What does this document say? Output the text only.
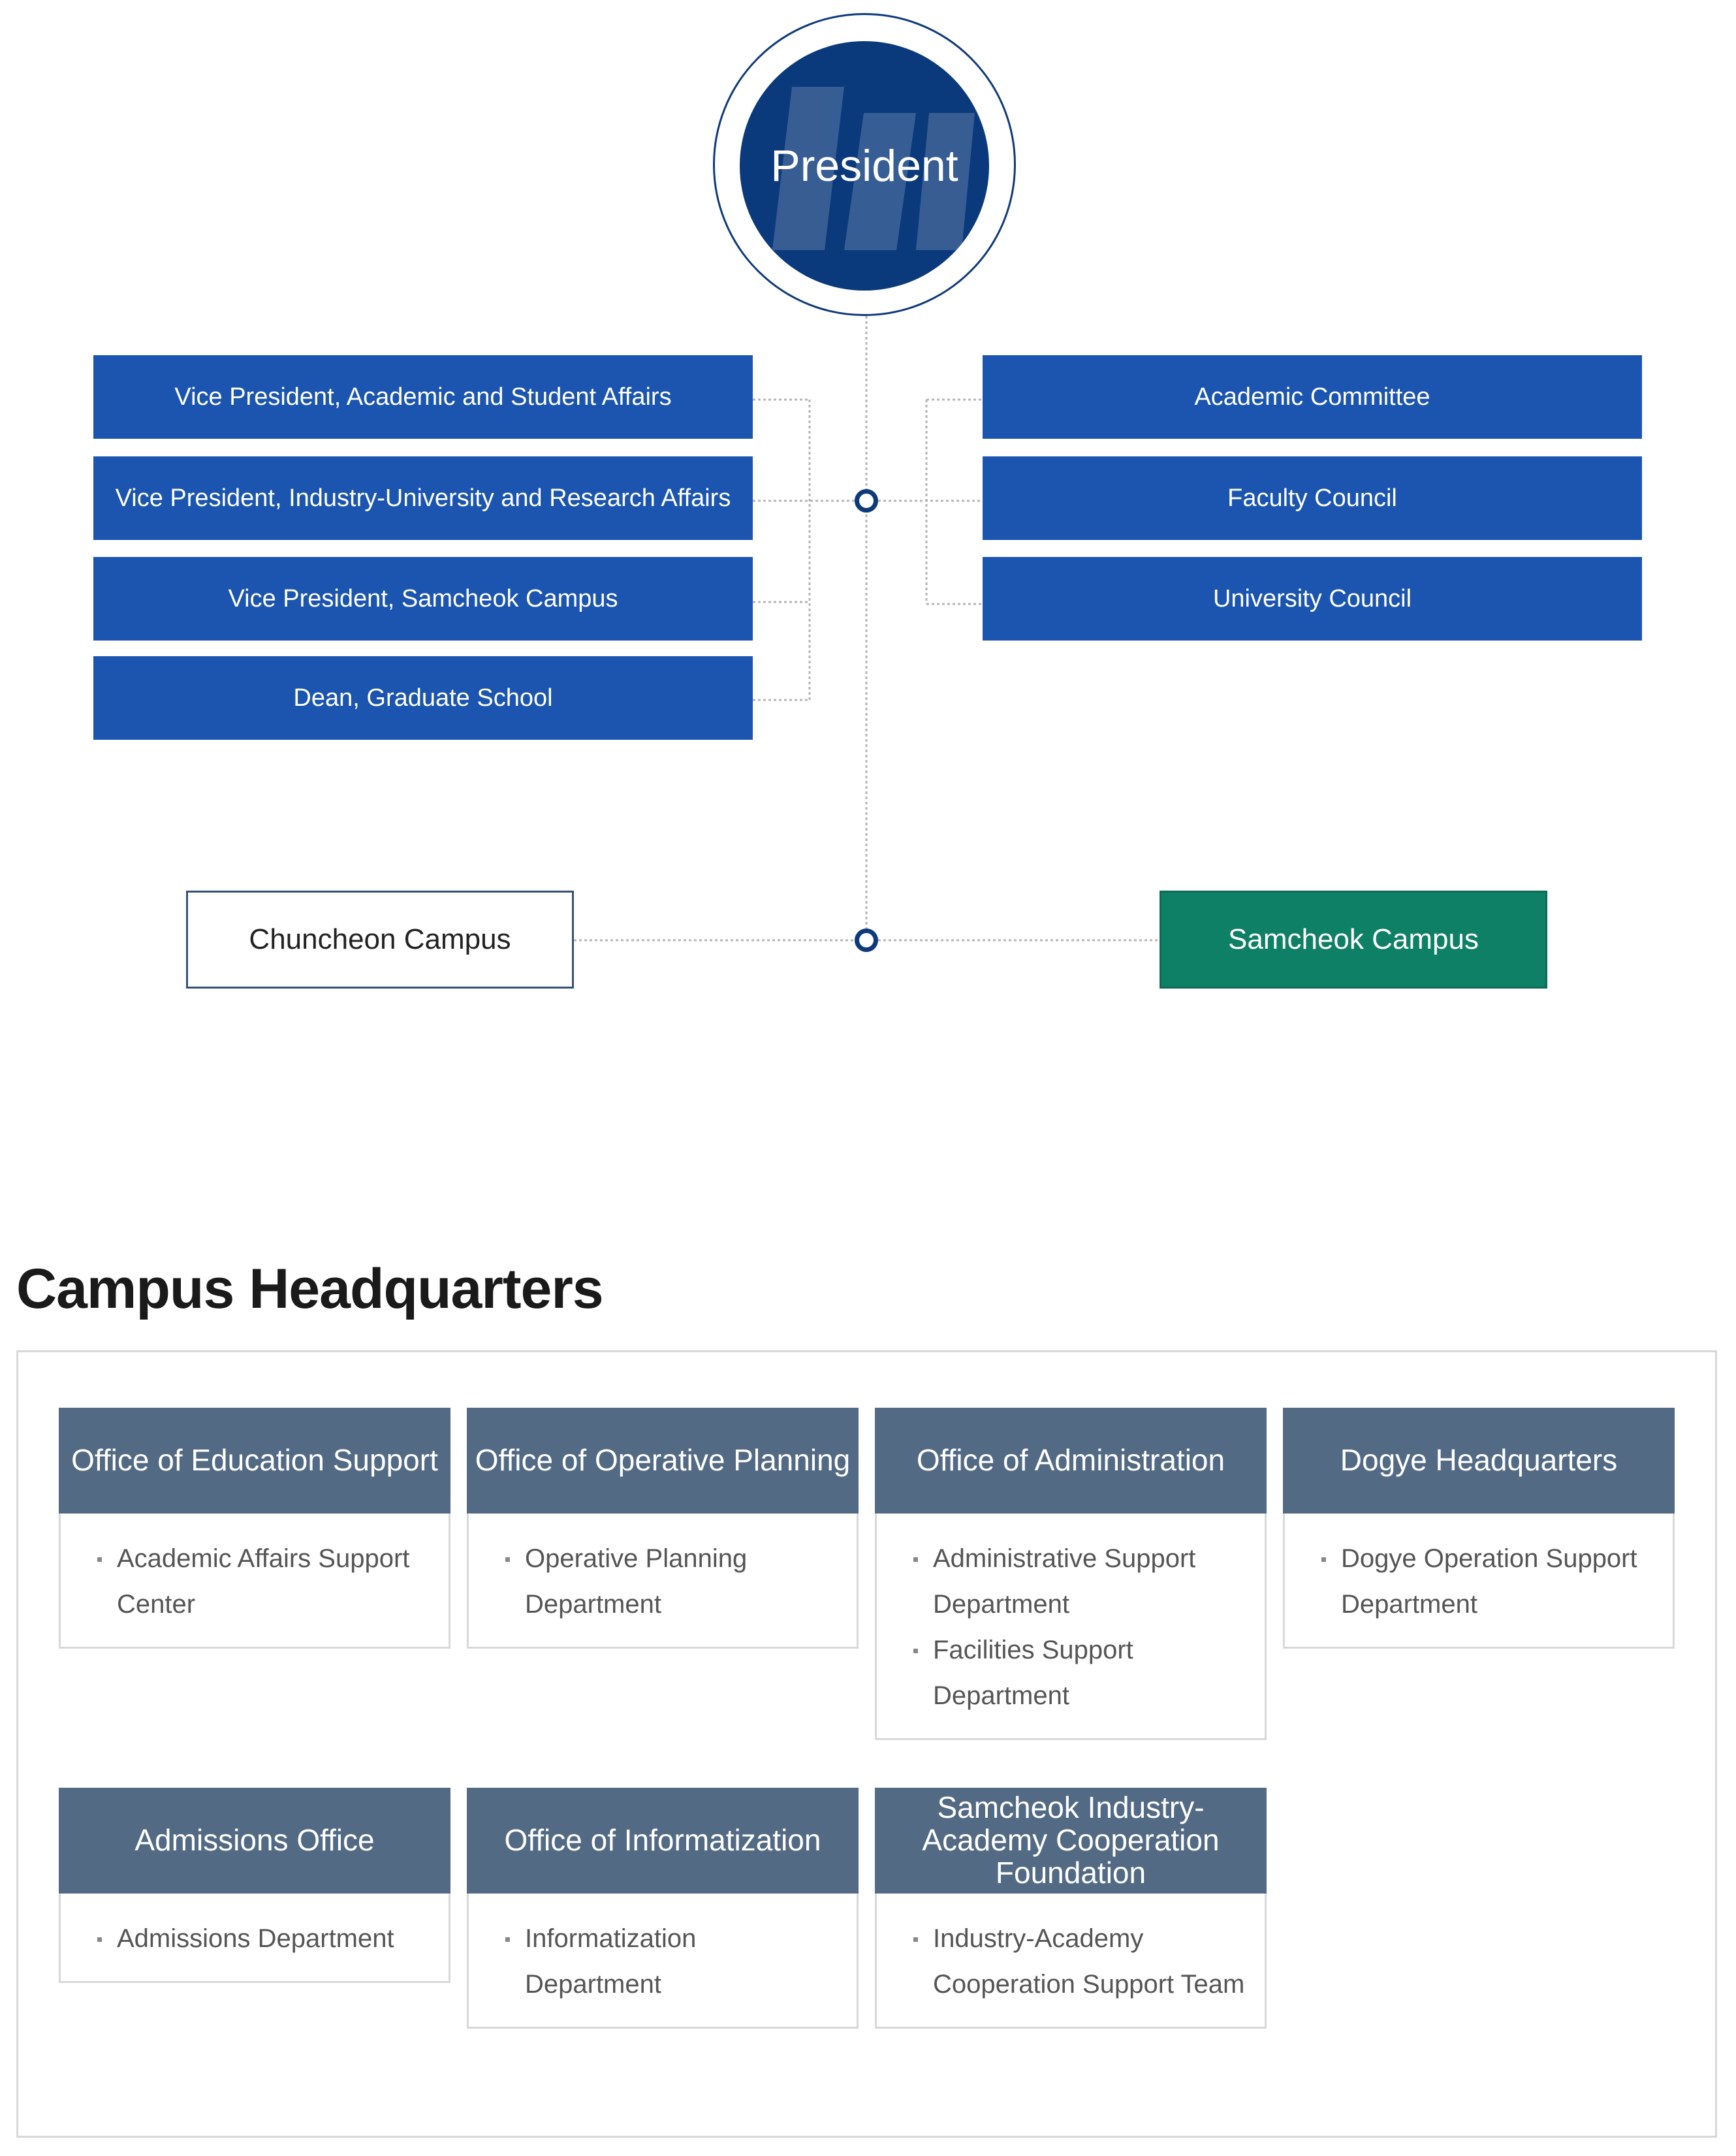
President
Vice President, Academic and Student Affairs
Vice President, Industry-University and Research Affairs
Vice President, Samcheok Campus
Dean, Graduate School
Academic Committee
Faculty Council
University Council
Chuncheon Campus	Samcheok Campus
Campus Headquarters
Office of Education Support
Academic Affairs Support Center
Office of Operative Planning
Operative Planning Department
Office of Administration
Administrative Support Department
Facilities Support Department
Dogye Headquarters
Dogye Operation Support Department
Admissions Office
Admissions Department
Office of Informatization
Informatization Department
Samcheok Industry-Academy Cooperation Foundation
Industry-Academy Cooperation Support Team
